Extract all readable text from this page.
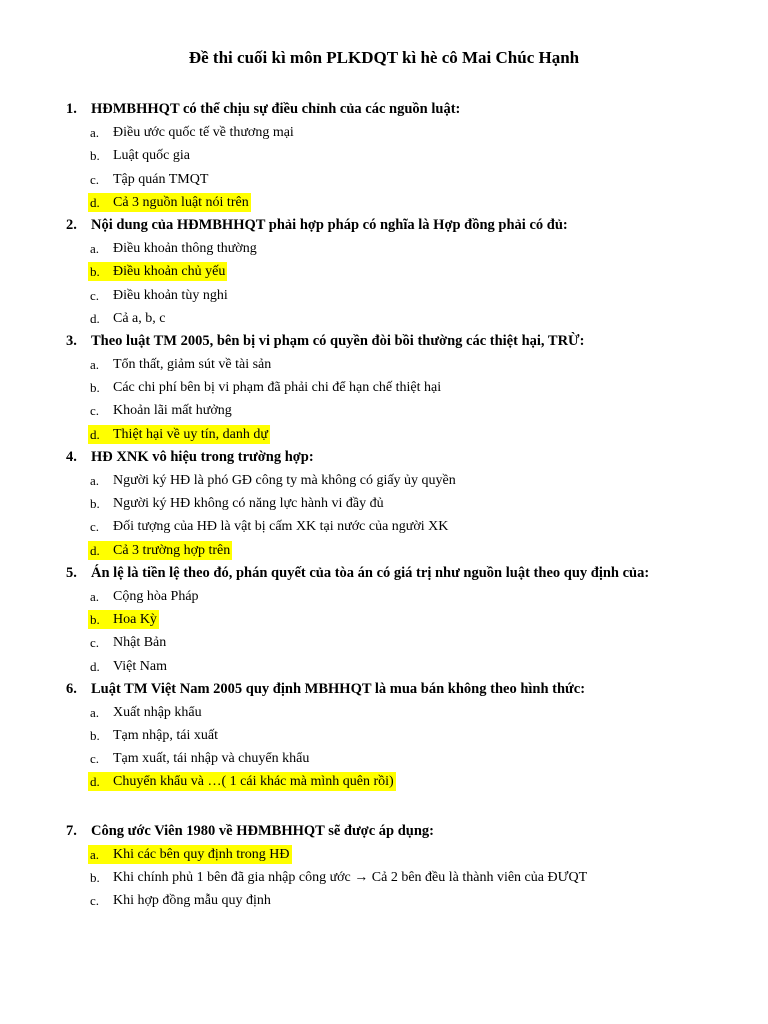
Đề thi cuối kì môn PLKDQT kì hè cô Mai Chúc Hạnh
1. HĐMBHHQT có thể chịu sự điều chỉnh của các nguồn luật:
a. Điều ước quốc tế về thương mại
b. Luật quốc gia
c. Tập quán TMQT
d. Cả 3 nguồn luật nói trên
2. Nội dung của HĐMBHHQT phải hợp pháp có nghĩa là Hợp đồng phải có đủ:
a. Điều khoản thông thường
b. Điều khoản chủ yếu
c. Điều khoản tùy nghi
d. Cả a, b, c
3. Theo luật TM 2005, bên bị vi phạm có quyền đòi bồi thường các thiệt hại, TRỪ:
a. Tổn thất, giảm sút về tài sản
b. Các chi phí bên bị vi phạm đã phải chi để hạn chế thiệt hại
c. Khoản lãi mất hưởng
d. Thiệt hại về uy tín, danh dự
4. HĐ XNK vô hiệu trong trường hợp:
a. Người ký HĐ là phó GĐ công ty mà không có giấy ủy quyền
b. Người ký HĐ không có năng lực hành vi đầy đủ
c. Đối tượng của HĐ là vật bị cấm XK tại nước của người XK
d. Cả 3 trường hợp trên
5. Án lệ là tiền lệ theo đó, phán quyết của tòa án có giá trị như nguồn luật theo quy định của:
a. Cộng hòa Pháp
b. Hoa Kỳ
c. Nhật Bản
d. Việt Nam
6. Luật TM Việt Nam 2005 quy định MBHHQT là mua bán không theo hình thức:
a. Xuất nhập khẩu
b. Tạm nhập, tái xuất
c. Tạm xuất, tái nhập và chuyển khẩu
d. Chuyển khẩu và …( 1 cái khác mà mình quên rồi)
7. Công ước Viên 1980 về HĐMBHHQT sẽ được áp dụng:
a. Khi các bên quy định trong HĐ
b. Khi chính phủ 1 bên đã gia nhập công ước → Cả 2 bên đều là thành viên của ĐƯQT
c. Khi hợp đồng mẫu quy định
